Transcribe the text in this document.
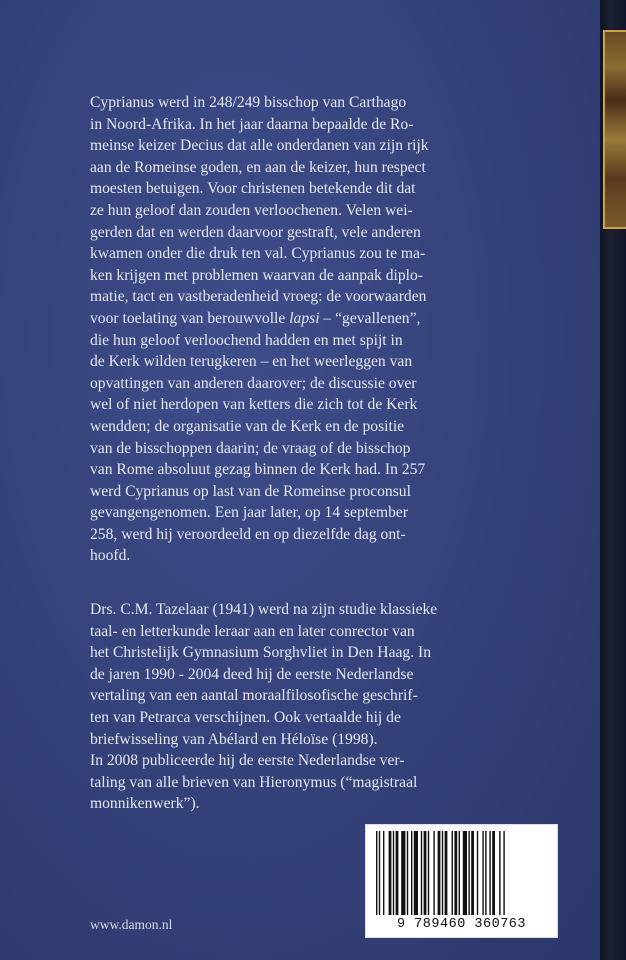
Cyprianus werd in 248/249 bisschop van Carthago
in Noord-Afrika. In het jaar daarna bepaalde de Ro-
meinse keizer Decius dat alle onderdanen van zijn rijk
aan de Romeinse goden, en aan de keizer, hun respect
moesten betuigen. Voor christenen betekende dit dat
ze hun geloof dan zouden verloochenen. Velen wei-
gerden dat en werden daarvoor gestraft, vele anderen
kwamen onder die druk ten val. Cyprianus zou te ma-
ken krijgen met problemen waarvan de aanpak diplo-
matie, tact en vastberadenheid vroeg: de voorwaarden
voor toelating van berouwvolle lapsi – “gevallenen”,
die hun geloof verloochend hadden en met spijt in
de Kerk wilden terugkeren – en het weerleggen van
opvattingen van anderen daarover; de discussie over
wel of niet herdopen van ketters die zich tot de Kerk
wendden; de organisatie van de Kerk en de positie
van de bisschoppen daarin; de vraag of de bisschop
van Rome absoluut gezag binnen de Kerk had. In 257
werd Cyprianus op last van de Romeinse proconsul
gevangengenomen. Een jaar later, op 14 september
258, werd hij veroordeeld en op diezelfde dag ont-
hoofd.

Drs. C.M. Tazelaar (1941) werd na zijn studie klassieke
taal- en letterkunde leraar aan en later conrector van
het Christelijk Gymnasium Sorghvliet in Den Haag. In
de jaren 1990 - 2004 deed hij de eerste Nederlandse
vertaling van een aantal moraalfilosofische geschrif-
ten van Petrarca verschijnen. Ook vertaalde hij de
briefwisseling van Abélard en Héloïse (1998).
In 2008 publiceerde hij de eerste Nederlandse ver-
taling van alle brieven van Hieronymus (“magistraal
monnikenwerk”).

www.damon.nl	9 789460 360763
